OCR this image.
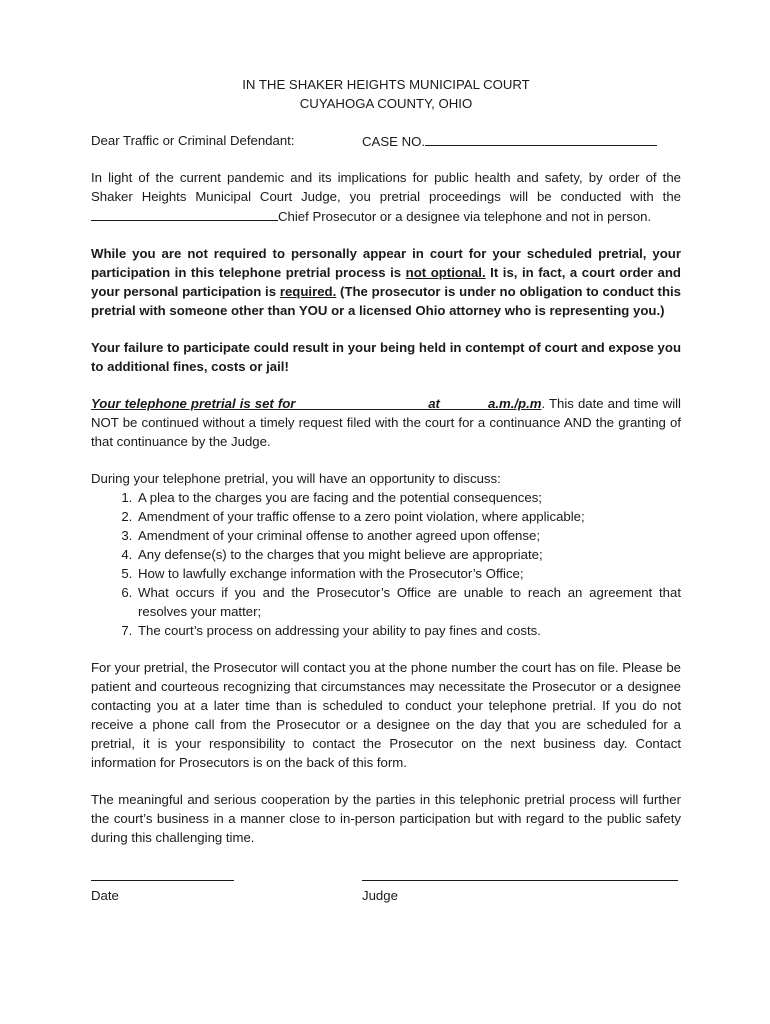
IN THE SHAKER HEIGHTS MUNICIPAL COURT
CUYAHOGA COUNTY, OHIO
Dear Traffic or Criminal Defendant:	CASE NO.

In light of the current pandemic and its implications for public health and safety, by order of the Shaker Heights Municipal Court Judge, you pretrial proceedings will be conducted with the Chief Prosecutor or a designee via telephone and not in person.

While you are not required to personally appear in court for your scheduled pretrial, your participation in this telephone pretrial process is not optional. It is, in fact, a court order and your personal participation is required. (The prosecutor is under no obligation to conduct this pretrial with someone other than YOU or a licensed Ohio attorney who is representing you.)

Your failure to participate could result in your being held in contempt of court and expose you to additional fines, costs or jail!

Your telephone pretrial is set for _________________ at ______a.m./p.m. This date and time will NOT be continued without a timely request filed with the court for a continuance AND the granting of that continuance by the Judge.

During your telephone pretrial, you will have an opportunity to discuss:

1. A plea to the charges you are facing and the potential consequences;
2. Amendment of your traffic offense to a zero point violation, where applicable;
3. Amendment of your criminal offense to another agreed upon offense;
4. Any defense(s) to the charges that you might believe are appropriate;
5. How to lawfully exchange information with the Prosecutor’s Office;
6. What occurs if you and the Prosecutor’s Office are unable to reach an agreement that resolves your matter;
7. The court’s process on addressing your ability to pay fines and costs.

For your pretrial, the Prosecutor will contact you at the phone number the court has on file. Please be patient and courteous recognizing that circumstances may necessitate the Prosecutor or a designee contacting you at a later time than is scheduled to conduct your telephone pretrial. If you do not receive a phone call from the Prosecutor or a designee on the day that you are scheduled for a pretrial, it is your responsibility to contact the Prosecutor on the next business day. Contact information for Prosecutors is on the back of this form.

The meaningful and serious cooperation by the parties in this telephonic pretrial process will further the court’s business in a manner close to in-person participation but with regard to the public safety during this challenging time.

Date	Judge
